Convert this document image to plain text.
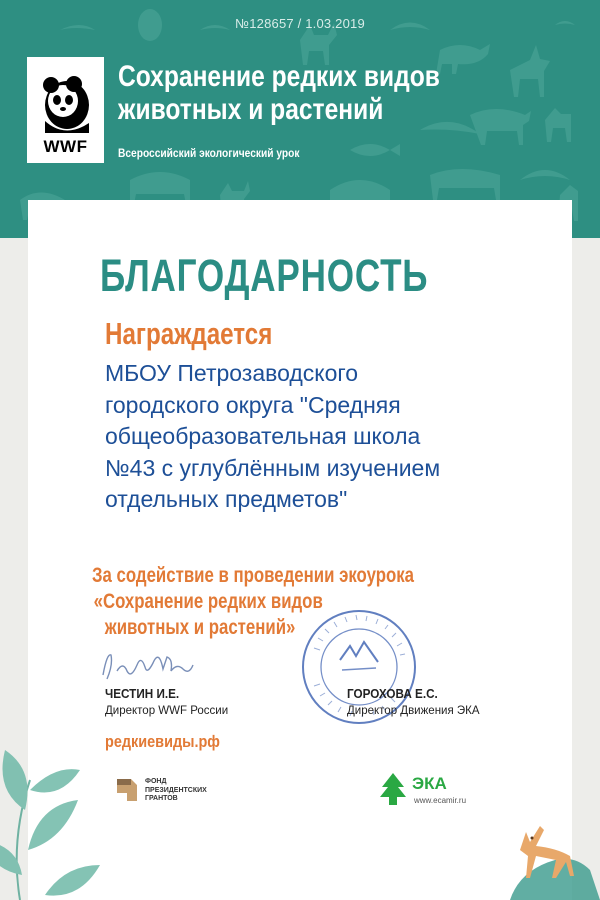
№128657 / 1.03.2019
WWF
Сохранение редких видов
животных и растений
Всероссийский экологический урок
БЛАГОДАРНОСТЬ
Награждается
МБОУ Петрозаводского
городского округа "Средняя
общеобразовательная школа
№43 с углублённым изучением
отдельных предметов"
За содействие в проведении экоурока
«Сохранение редких видов
животных и растений»
ЧЕСТИН И.Е.
Директор WWF России
ГОРОХОВА Е.С.
Директор Движения ЭКА
редкиевиды.рф
ФОНД
ПРЕЗИДЕНТСКИХ
ГРАНТОВ
ЭКА
www.ecamir.ru
